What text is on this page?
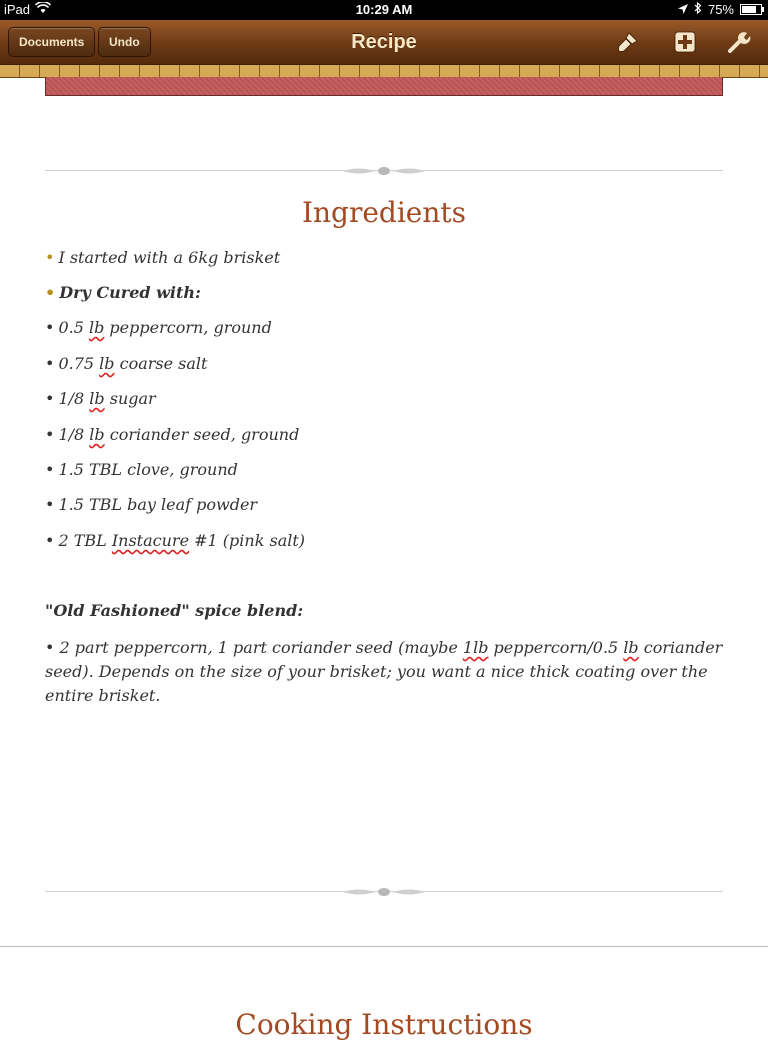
iPad	10:29 AM	75%
Documents	Undo	Recipe
Ingredients
• I started with a 6kg brisket
• Dry Cured with:
• 0.5 lb peppercorn, ground
• 0.75 lb coarse salt
• 1/8 lb sugar
• 1/8 lb coriander seed, ground
• 1.5 TBL clove, ground
• 1.5 TBL bay leaf powder
• 2 TBL Instacure #1 (pink salt)
"Old Fashioned" spice blend:
• 2 part peppercorn, 1 part coriander seed (maybe 1lb peppercorn/0.5 lb coriander seed). Depends on the size of your brisket; you want a nice thick coating over the entire brisket.
Cooking Instructions
